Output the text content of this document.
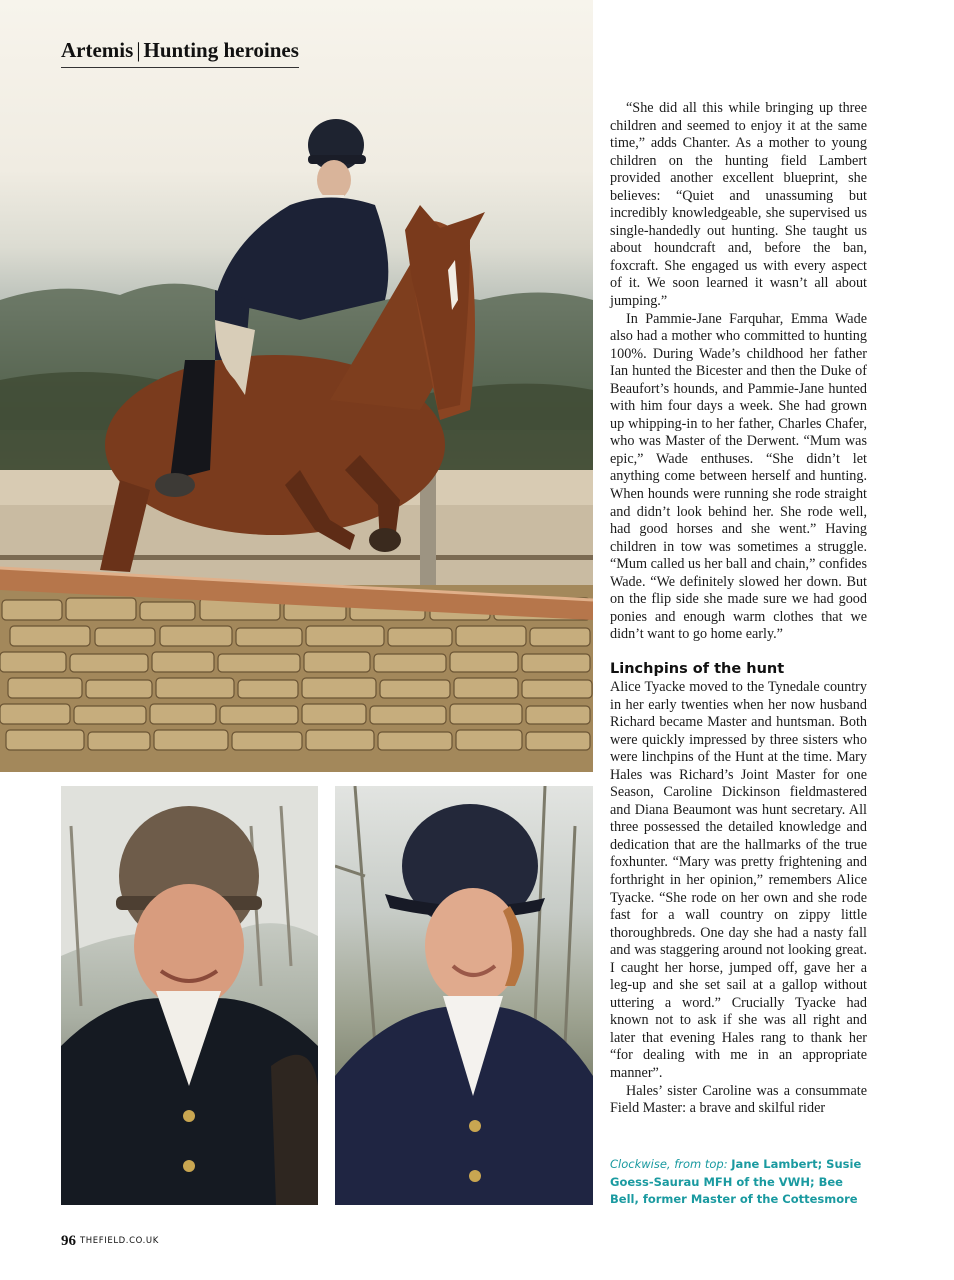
Artemis | Hunting heroines

“She did all this while bringing up three children and seemed to enjoy it at the same time,” adds Chanter. As a mother to young children on the hunting field Lambert provided another excellent blueprint, she believes: “Quiet and unassuming but incredibly knowledgeable, she supervised us single-handedly out hunting. She taught us about houndcraft and, before the ban, foxcraft. She engaged us with every aspect of it. We soon learned it wasn’t all about jumping.”

In Pammie-Jane Farquhar, Emma Wade also had a mother who committed to hunting 100%. During Wade’s childhood her father Ian hunted the Bicester and then the Duke of Beaufort’s hounds, and Pammie-Jane hunted with him four days a week. She had grown up whipping-in to her father, Charles Chafer, who was Master of the Derwent. “Mum was epic,” Wade enthuses. “She didn’t let anything come between herself and hunting. When hounds were running she rode straight and didn’t look behind her. She rode well, had good horses and she went.” Having children in tow was sometimes a struggle. “Mum called us her ball and chain,” confides Wade. “We definitely slowed her down. But on the flip side she made sure we had good ponies and enough warm clothes that we didn’t want to go home early.”

Linchpins of the hunt

Alice Tyacke moved to the Tynedale country in her early twenties when her now husband Richard became Master and huntsman. Both were quickly impressed by three sisters who were linchpins of the Hunt at the time. Mary Hales was Richard’s Joint Master for one Season, Caroline Dickinson fieldmastered and Diana Beaumont was hunt secretary. All three possessed the detailed knowledge and dedication that are the hallmarks of the true foxhunter. “Mary was pretty frightening and forthright in her opinion,” remembers Alice Tyacke. “She rode on her own and she rode fast for a wall country on zippy little thoroughbreds. One day she had a nasty fall and was staggering around not looking great. I caught her horse, jumped off, gave her a leg-up and she set sail at a gallop without uttering a word.” Crucially Tyacke had known not to ask if she was all right and later that evening Hales rang to thank her “for dealing with me in an appropriate manner”.

Hales’ sister Caroline was a consummate Field Master: a brave and skilful rider

Clockwise, from top: Jane Lambert; Susie Goess-Saurau MFH of the VWH; Bee Bell, former Master of the Cottesmore
96 THEFIELD.CO.UK
